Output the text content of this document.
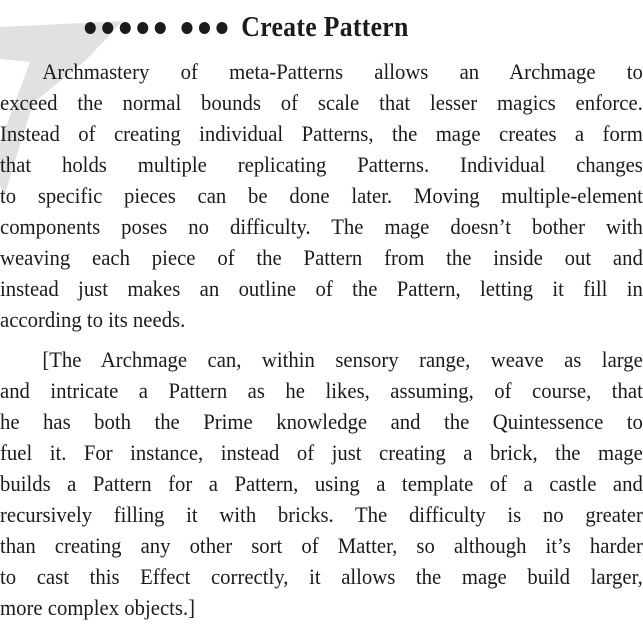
Create Pattern
Archmastery of meta-Patterns allows an Archmage to
exceed the normal bounds of scale that lesser magics enforce.
Instead of creating individual Patterns, the mage creates a form
that holds multiple replicating Patterns. Individual changes
to specific pieces can be done later. Moving multiple-element
components poses no difficulty. The mage doesn’t bother with
weaving each piece of the Pattern from the inside out and
instead just makes an outline of the Pattern, letting it fill in
according to its needs.
[The Archmage can, within sensory range, weave as large
and intricate a Pattern as he likes, assuming, of course, that
he has both the Prime knowledge and the Quintessence to
fuel it. For instance, instead of just creating a brick, the mage
builds a Pattern for a Pattern, using a template of a castle and
recursively filling it with bricks. The difficulty is no greater
than creating any other sort of Matter, so although it’s harder
to cast this Effect correctly, it allows the mage build larger,
more complex objects.]
